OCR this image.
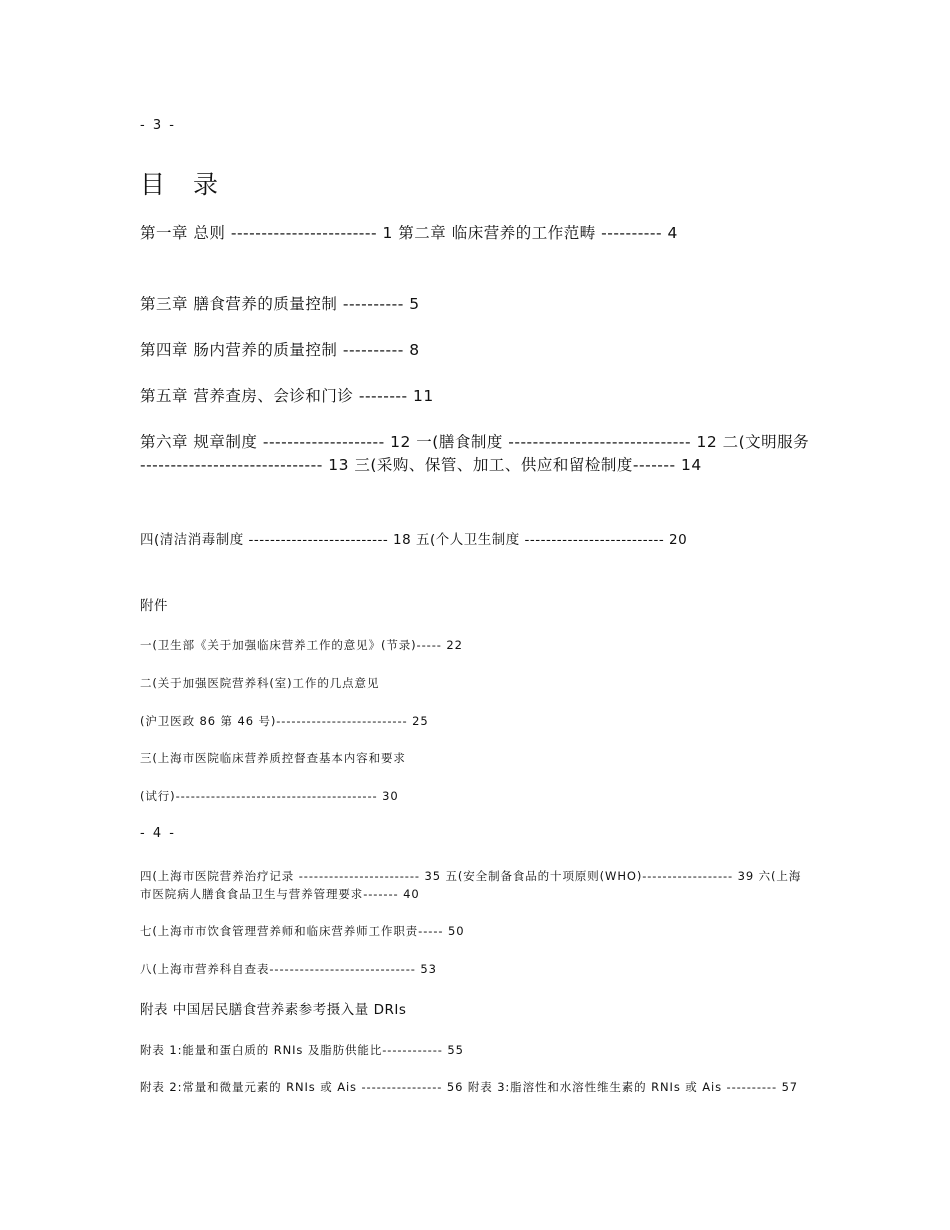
- 3 -
目 录
第一章 总则 ------------------------ 1 第二章 临床营养的工作范畴 ---------- 4
第三章 膳食营养的质量控制 ---------- 5
第四章 肠内营养的质量控制 ---------- 8
第五章 营养查房、会诊和门诊 -------- 11
第六章 规章制度 -------------------- 12 一(膳食制度 ------------------------------ 12 二(文明服务 ------------------------------ 13 三(采购、保管、加工、供应和留检制度------- 14
四(清洁消毒制度 -------------------------- 18 五(个人卫生制度 -------------------------- 20
附件
一(卫生部《关于加强临床营养工作的意见》(节录)----- 22
二(关于加强医院营养科(室)工作的几点意见
(沪卫医政 86 第 46 号)-------------------------- 25
三(上海市医院临床营养质控督查基本内容和要求
(试行)---------------------------------------- 30
- 4 -
四(上海市医院营养治疗记录 ------------------------ 35 五(安全制备食品的十项原则(WHO)------------------ 39 六(上海市医院病人膳食食品卫生与营养管理要求------- 40
七(上海市市饮食管理营养师和临床营养师工作职责----- 50
八(上海市营养科自查表----------------------------- 53
附表 中国居民膳食营养素参考摄入量 DRIs
附表 1:能量和蛋白质的 RNIs 及脂肪供能比------------ 55
附表 2:常量和微量元素的 RNIs 或 Ais ---------------- 56 附表 3:脂溶性和水溶性维生素的 RNIs 或 Ais ---------- 57
